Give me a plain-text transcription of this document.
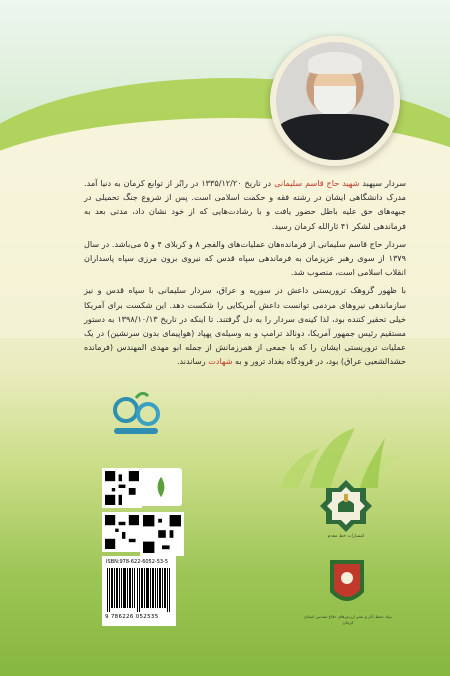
سردار سپهبد شهید حاج قاسم سلیمانی در تاریخ ۱۳۳۵/۱۲/۲۰ در رابُر از توابع کرمان به دنیا آمد. مدرک دانشگاهی ایشان در رشته فقه و حکمت اسلامی است. پس از شروع جنگ تحمیلی در جبهه‌های حق علیه باطل حضور یافت و با رشادت‌هایی که از خود نشان داد، مدتی بعد به فرماندهی لشکر ۴۱ ثارالله کرمان رسید.

سردار حاج قاسم سلیمانی از فرمانده‌هان عملیات‌های والفجر ۸ و کربلای ۴ و ۵ می‌باشد. در سال ۱۳۷۹ از سوی رهبر عزیزمان به فرماندهی سپاه قدس که نیروی برون مرزی سپاه پاسداران انقلاب اسلامی است، منصوب شد.

با ظهور گروهک تروریستی داعش در سوریه و عراق، سردار سلیمانی با سپاه قدس و نیز سازماندهی نیروهای مردمی توانست داعش آمریکایی را شکست دهد. این شکست برای آمریکا خیلی تحقیر کننده بود، لذا کینه‌ی سردار را به دل گرفتند. تا اینکه در تاریخ ۱۳۹۸/۱۰/۱۳ به دستور مستقیم رئیس جمهور آمریکا، دونالد ترامپ و به وسیله‌ی پهپاد (هواپیمای بدون سرنشین) در یک عملیات تروریستی ایشان را که با جمعی از همرزمانش از جمله ابو مهدی المهندس (فرمانده حشدالشعبی عراق) بود، در فرودگاه بغداد ترور و به شهادت رساندند.

ISBN:978-622-6052-53-5
9 786226 052535
انتشارات خط مقدم
بنیاد حفظ آثار و نشر ارزش‌های دفاع مقدس استان کرمان
